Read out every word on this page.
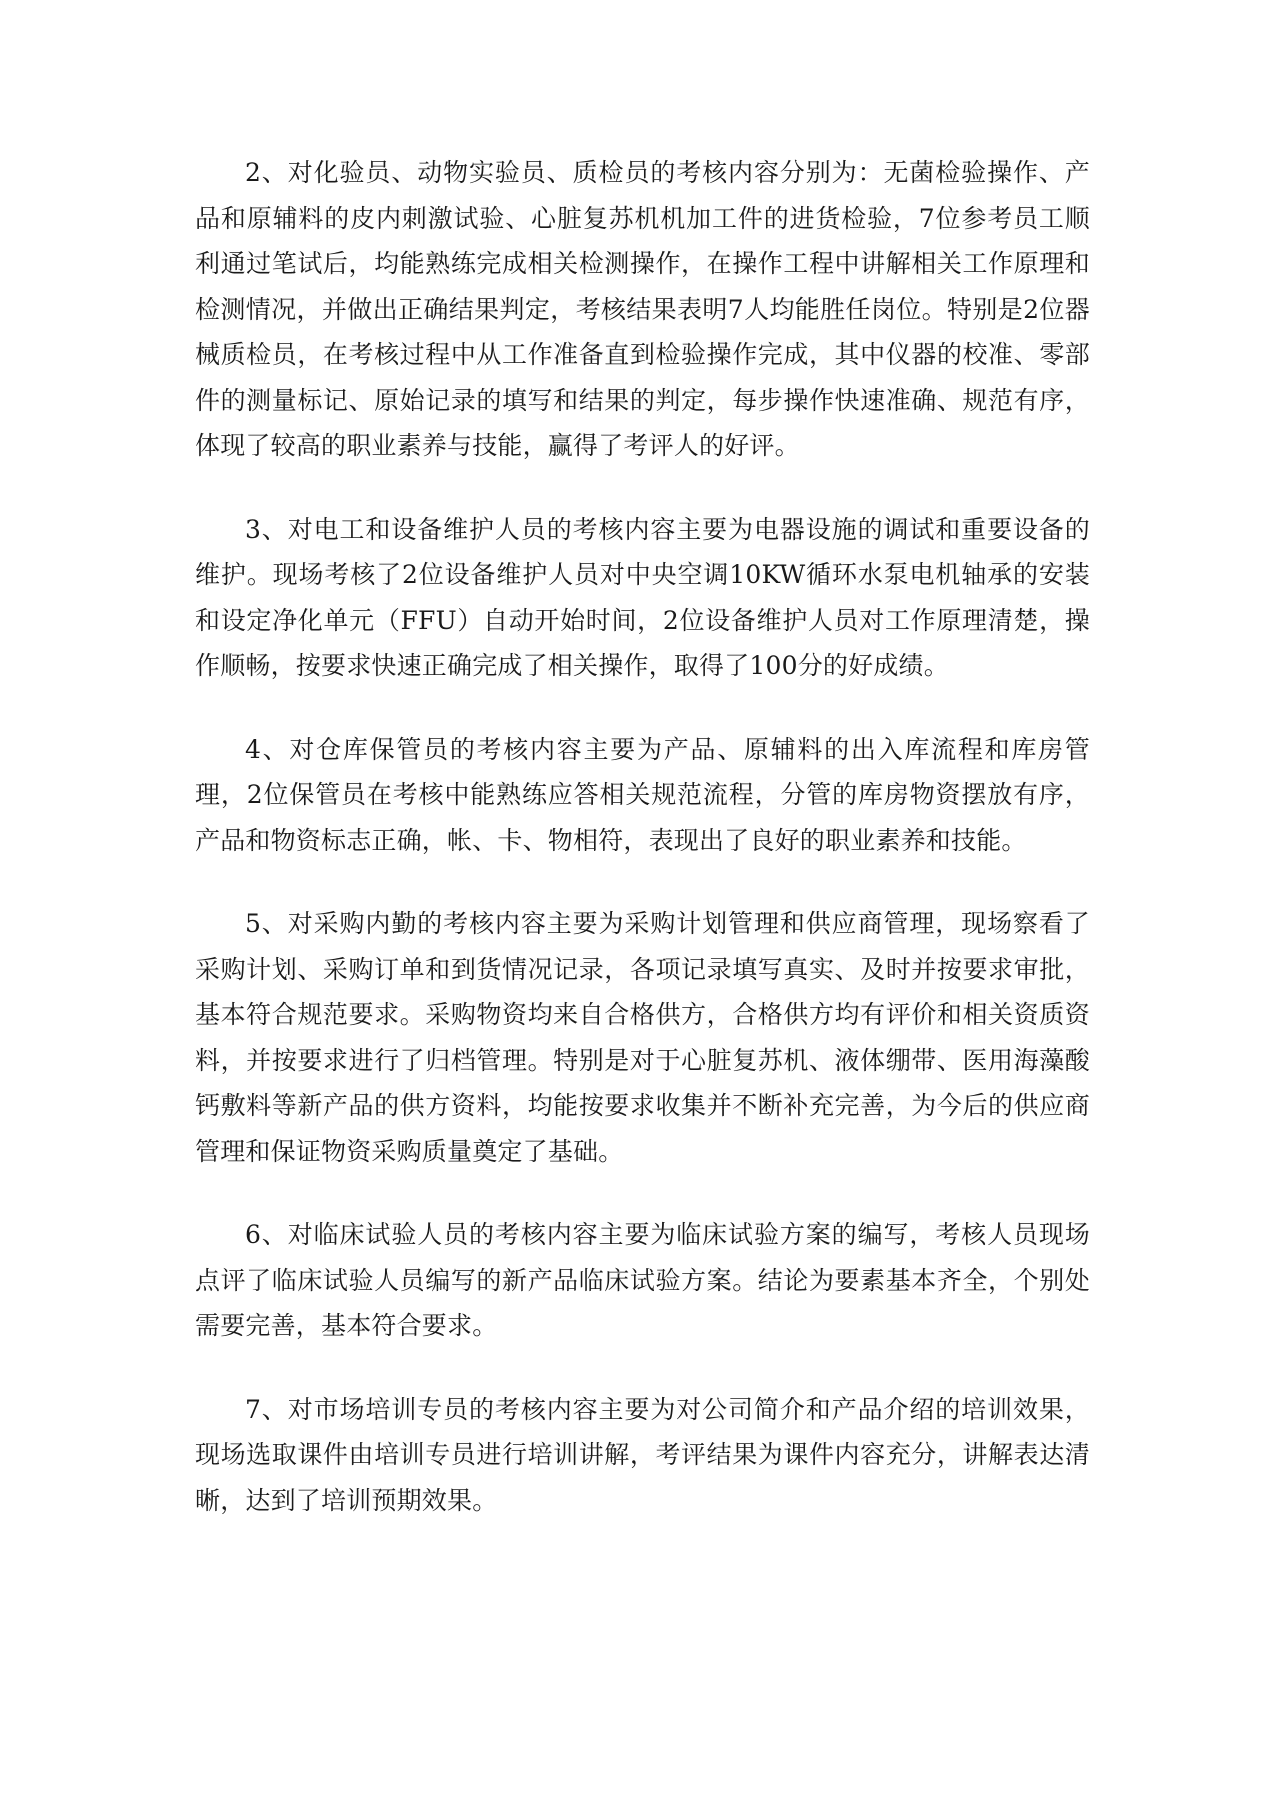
2、对化验员、动物实验员、质检员的考核内容分别为：无菌检验操作、产品和原辅料的皮内刺激试验、心脏复苏机机加工件的进货检验，7位参考员工顺利通过笔试后，均能熟练完成相关检测操作，在操作工程中讲解相关工作原理和检测情况，并做出正确结果判定，考核结果表明7人均能胜任岗位。特别是2位器械质检员，在考核过程中从工作准备直到检验操作完成，其中仪器的校准、零部件的测量标记、原始记录的填写和结果的判定，每步操作快速准确、规范有序，体现了较高的职业素养与技能，赢得了考评人的好评。

3、对电工和设备维护人员的考核内容主要为电器设施的调试和重要设备的维护。现场考核了2位设备维护人员对中央空调10KW循环水泵电机轴承的安装和设定净化单元（FFU）自动开始时间，2位设备维护人员对工作原理清楚，操作顺畅，按要求快速正确完成了相关操作，取得了100分的好成绩。

4、对仓库保管员的考核内容主要为产品、原辅料的出入库流程和库房管理，2位保管员在考核中能熟练应答相关规范流程，分管的库房物资摆放有序，产品和物资标志正确，帐、卡、物相符，表现出了良好的职业素养和技能。

5、对采购内勤的考核内容主要为采购计划管理和供应商管理，现场察看了采购计划、采购订单和到货情况记录，各项记录填写真实、及时并按要求审批，基本符合规范要求。采购物资均来自合格供方，合格供方均有评价和相关资质资料，并按要求进行了归档管理。特别是对于心脏复苏机、液体绷带、医用海藻酸钙敷料等新产品的供方资料，均能按要求收集并不断补充完善，为今后的供应商管理和保证物资采购质量奠定了基础。

6、对临床试验人员的考核内容主要为临床试验方案的编写，考核人员现场点评了临床试验人员编写的新产品临床试验方案。结论为要素基本齐全，个别处需要完善，基本符合要求。

7、对市场培训专员的考核内容主要为对公司简介和产品介绍的培训效果，现场选取课件由培训专员进行培训讲解，考评结果为课件内容充分，讲解表达清晰，达到了培训预期效果。
